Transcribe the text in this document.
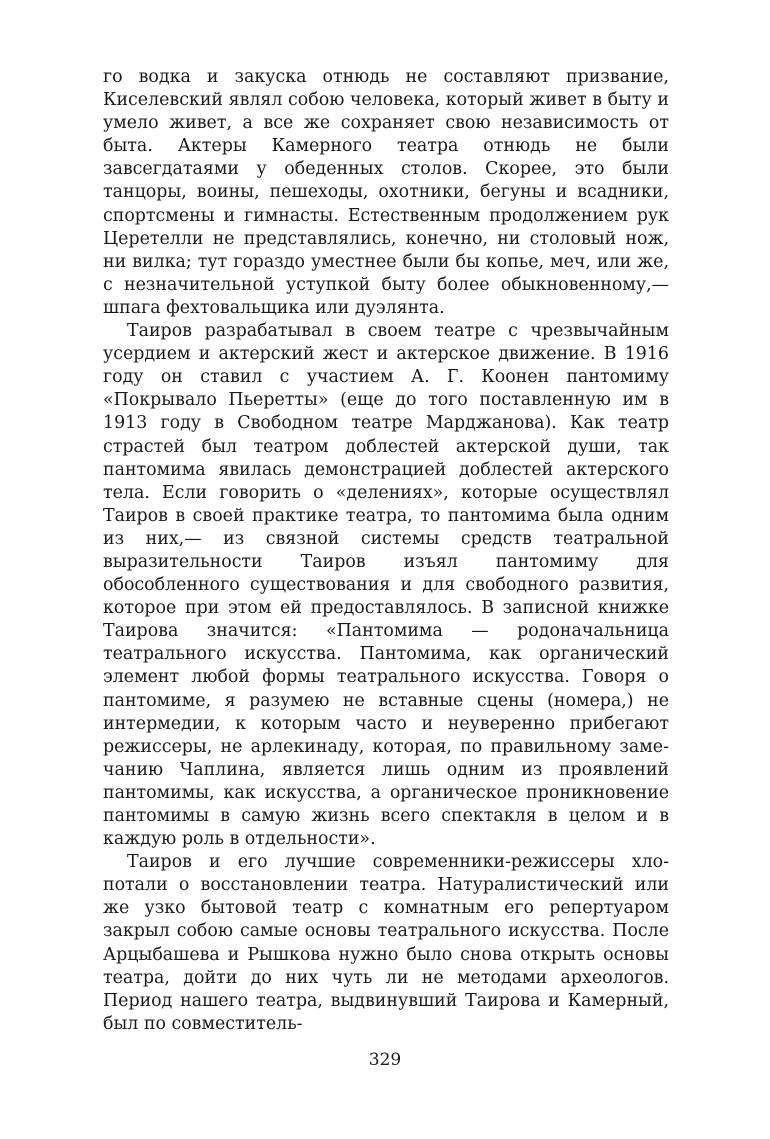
го водка и закуска отнюдь не составляют призвание, Киселевский являл собою человека, который живет в быту и умело живет, а все же сохраняет свою независимость от быта. Актеры Камерного театра отнюдь не были завсегдатаями у обеденных столов. Скорее, это были танцоры, воины, пешеходы, охотники, бегуны и всадники, спортсмены и гимнасты. Естественным продолжением рук Церетелли не представлялись, конечно, ни столовый нож, ни вилка; тут гораздо уместнее были бы копье, меч, или же, с незначительной уступкой быту более обыкновенному,— шпага фехтовальщика или дуэлянта.

Таиров разрабатывал в своем театре с чрезвычайным усердием и актерский жест и актерское движение. В 1916 году он ставил с участием А. Г. Коонен пантомиму «Покрывало Пьеретты» (еще до того поставленную им в 1913 году в Свободном театре Марджанова). Как театр страстей был театром доблестей актерской души, так пантомима явилась демонстрацией доблестей актерского тела. Если говорить о «делениях», которые осуществлял Таиров в своей практике театра, то пантомима была одним из них,— из связной системы средств театральной выразительности Таиров изъял пантомиму для обособленного существования и для свободного развития, которое при этом ей предоставлялось. В записной книжке Таирова значится: «Пантомима — родоначальница театрального искусства. Пантомима, как органический элемент любой формы театрального искусства. Говоря о пантомиме, я разумею не вставные сцены (номера,) не интермедии, к которым часто и неуверенно прибегают режиссеры, не арлекинаду, которая, по правильному замечанию Чаплина, является лишь одним из проявлений пантомимы, как искусства, а органическое проникновение пантомимы в самую жизнь всего спектакля в целом и в каждую роль в отдельности».

Таиров и его лучшие современники-режиссеры хлопотали о восстановлении театра. Натуралистический или же узко бытовой театр с комнатным его репертуаром закрыл собою самые основы театрального искусства. После Арцыбашева и Рышкова нужно было снова открыть основы театра, дойти до них чуть ли не методами археологов. Период нашего театра, выдвинувший Таирова и Камерный, был по совместитель-

329
